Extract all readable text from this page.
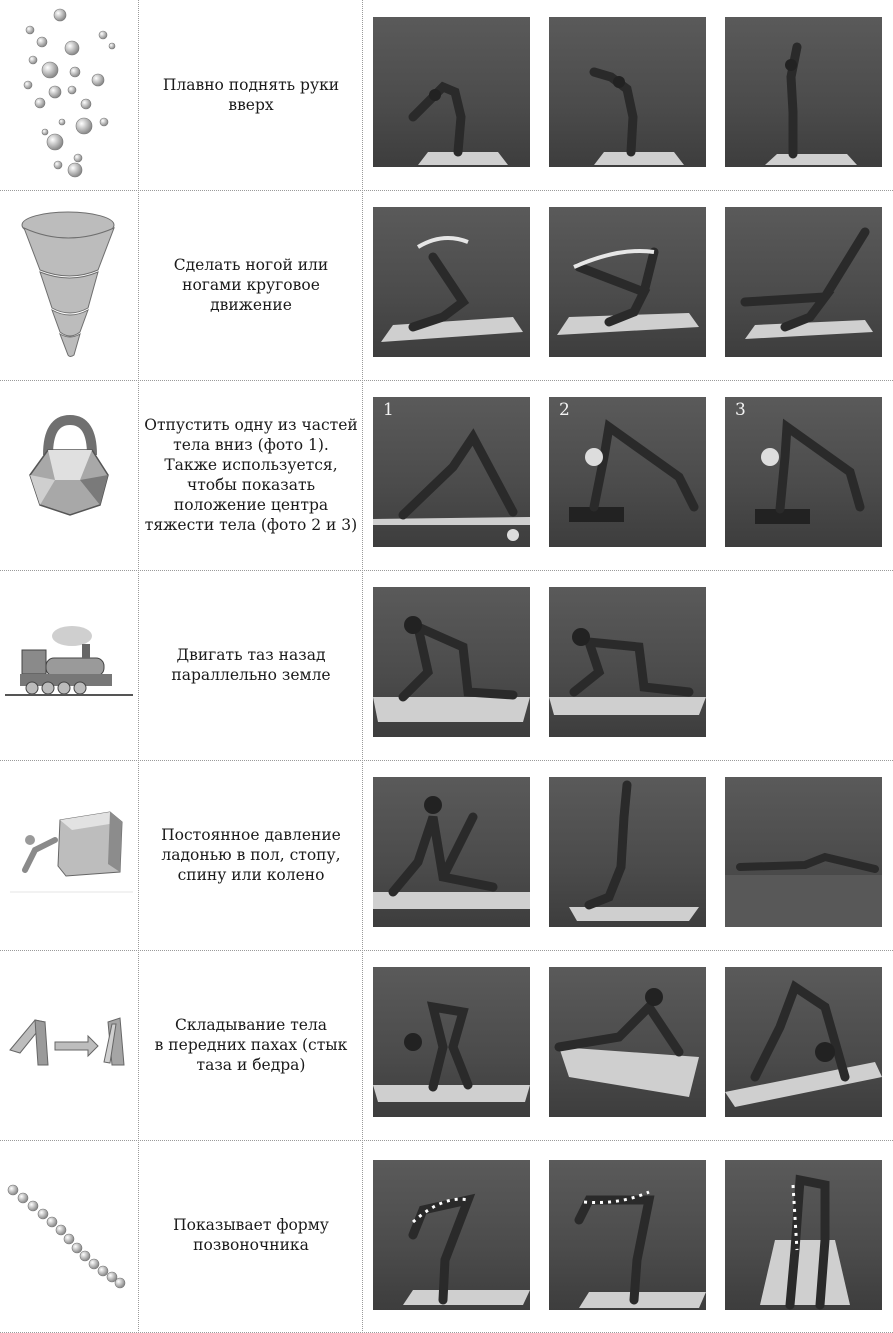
Плавно поднять руки
вверх
Сделать ногой или
ногами круговое
движение
Отпустить одну из частей
тела вниз (фото 1).
Также используется,
чтобы показать
положение центра
тяжести тела (фото 2 и 3)
1	2	3
Двигать таз назад
параллельно земле
Постоянное давление
ладонью в пол, стопу,
спину или колено
Складывание тела
в передних пахах (стык
таза и бедра)
Показывает форму
позвоночника
